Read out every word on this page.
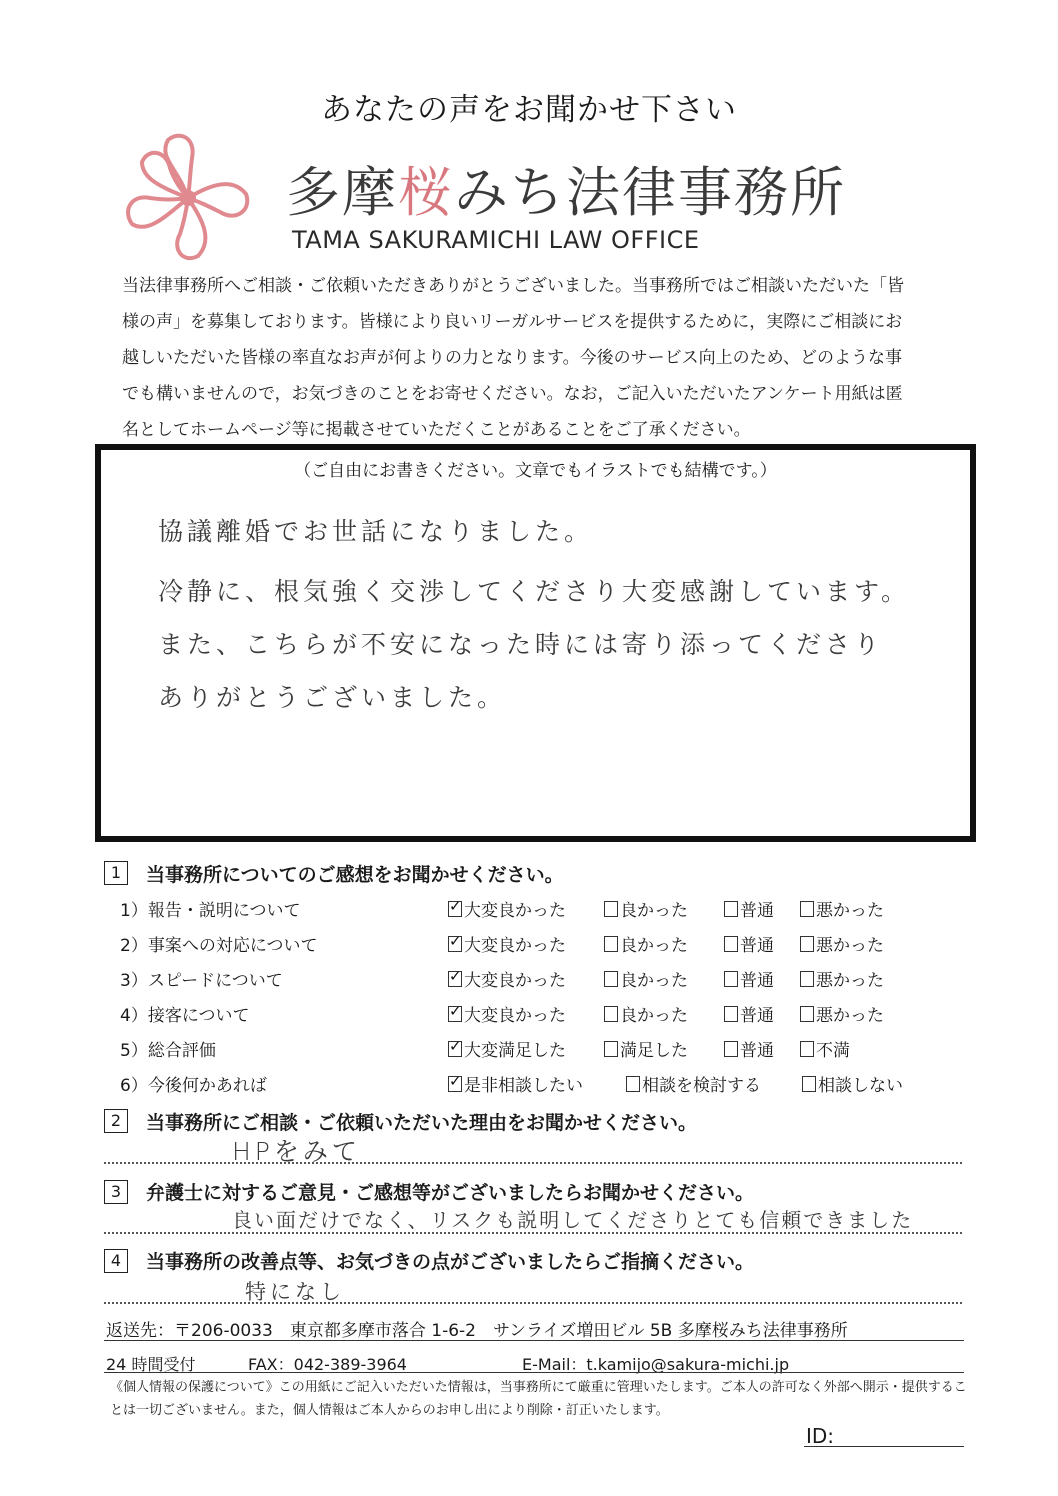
あなたの声をお聞かせ下さい
多摩桜みち法律事務所
TAMA SAKURAMICHI LAW OFFICE
当法律事務所へご相談・ご依頼いただきありがとうございました。当事務所ではご相談いただいた「皆
様の声」を募集しております。皆様により良いリーガルサービスを提供するために，実際にご相談にお
越しいただいた皆様の率直なお声が何よりの力となります。今後のサービス向上のため、どのような事
でも構いませんので，お気づきのことをお寄せください。なお，ご記入いただいたアンケート用紙は匿
名としてホームページ等に掲載させていただくことがあることをご了承ください。
（ご自由にお書きください。文章でもイラストでも結構です。）
協議離婚でお世話になりました。
冷静に、根気強く交渉してくださり大変感謝しています。
また、こちらが不安になった時には寄り添ってくださり
ありがとうございました。
1	当事務所についてのご感想をお聞かせください。
1）報告・説明について ✓	大変良かった	良かった	普通	悪かった
2）事案への対応について ✓	大変良かった	良かった	普通	悪かった
3）スピードについて ✓	大変良かった	良かった	普通	悪かった
4）接客について ✓	大変良かった	良かった	普通	悪かった
5）総合評価 ✓	大変満足した	満足した	普通	不満
6）今後何かあれば ✓	是非相談したい	相談を検討する	相談しない
2	当事務所にご相談・ご依頼いただいた理由をお聞かせください。
HPをみて
3	弁護士に対するご意見・ご感想等がございましたらお聞かせください。
良い面だけでなく、リスクも説明してくださりとても信頼できました
4	当事務所の改善点等、お気づきの点がございましたらご指摘ください。
特になし
返送先：〒206-0033　東京都多摩市落合 1-6-2　サンライズ増田ビル 5B 多摩桜みち法律事務所
24 時間受付	FAX：042-389-3964	E-Mail：t.kamijo@sakura-michi.jp
《個人情報の保護について》この用紙にご記入いただいた情報は，当事務所にて厳重に管理いたします。ご本人の許可なく外部へ開示・提供することは一切ございません。また，個人情報はご本人からのお申し出により削除・訂正いたします。
ID:
